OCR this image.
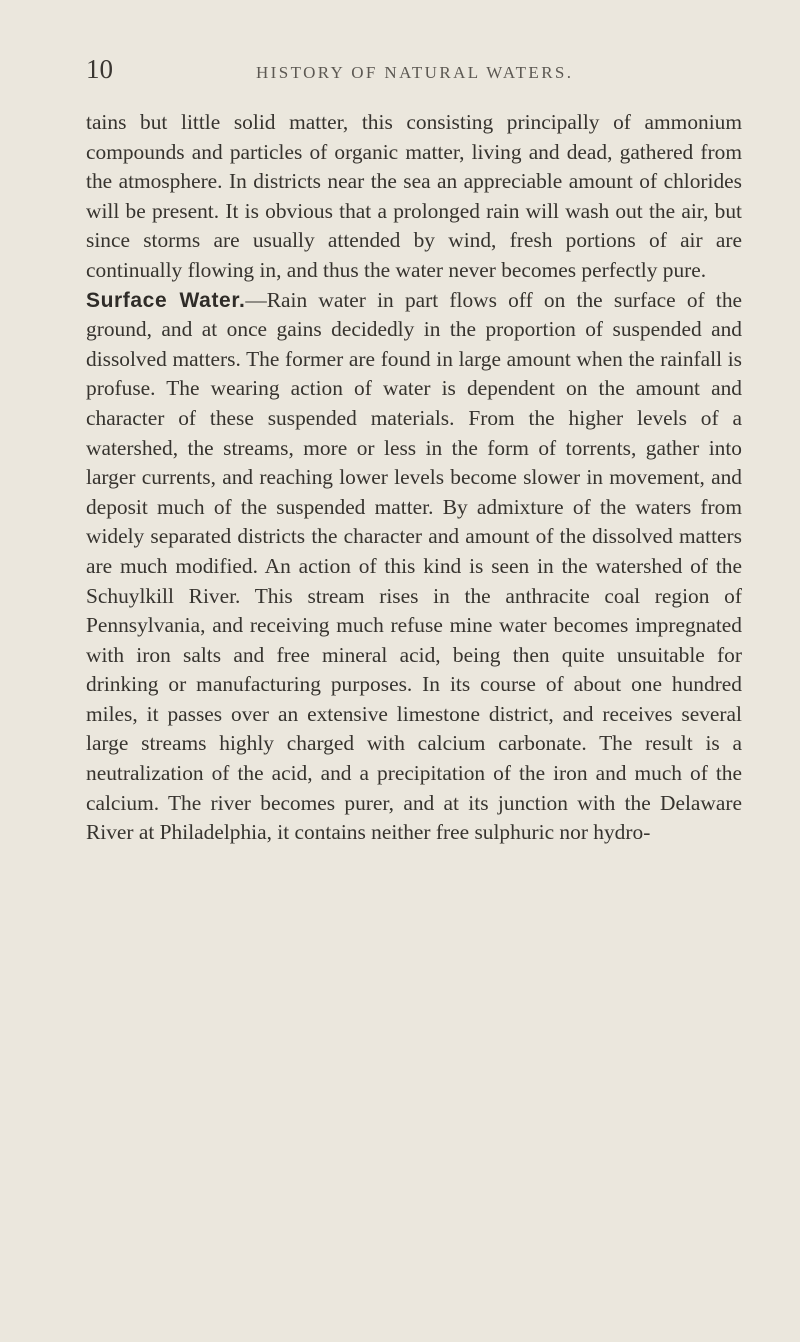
10	HISTORY OF NATURAL WATERS.

tains but little solid matter, this consisting principally of ammonium compounds and particles of organic matter, living and dead, gathered from the atmosphere. In districts near the sea an appreciable amount of chlorides will be present. It is obvious that a prolonged rain will wash out the air, but since storms are usually attended by wind, fresh portions of air are continually flowing in, and thus the water never becomes perfectly pure.

Surface Water.—Rain water in part flows off on the surface of the ground, and at once gains decidedly in the proportion of suspended and dissolved matters. The former are found in large amount when the rainfall is profuse. The wearing action of water is dependent on the amount and character of these suspended materials. From the higher levels of a watershed, the streams, more or less in the form of torrents, gather into larger currents, and reaching lower levels become slower in movement, and deposit much of the suspended matter. By admixture of the waters from widely separated districts the character and amount of the dissolved matters are much modified. An action of this kind is seen in the watershed of the Schuylkill River. This stream rises in the anthracite coal region of Pennsylvania, and receiving much refuse mine water becomes impregnated with iron salts and free mineral acid, being then quite unsuitable for drinking or manufacturing purposes. In its course of about one hundred miles, it passes over an extensive limestone district, and receives several large streams highly charged with calcium carbonate. The result is a neutralization of the acid, and a precipitation of the iron and much of the calcium. The river becomes purer, and at its junction with the Delaware River at Philadelphia, it contains neither free sulphuric nor hydro-
